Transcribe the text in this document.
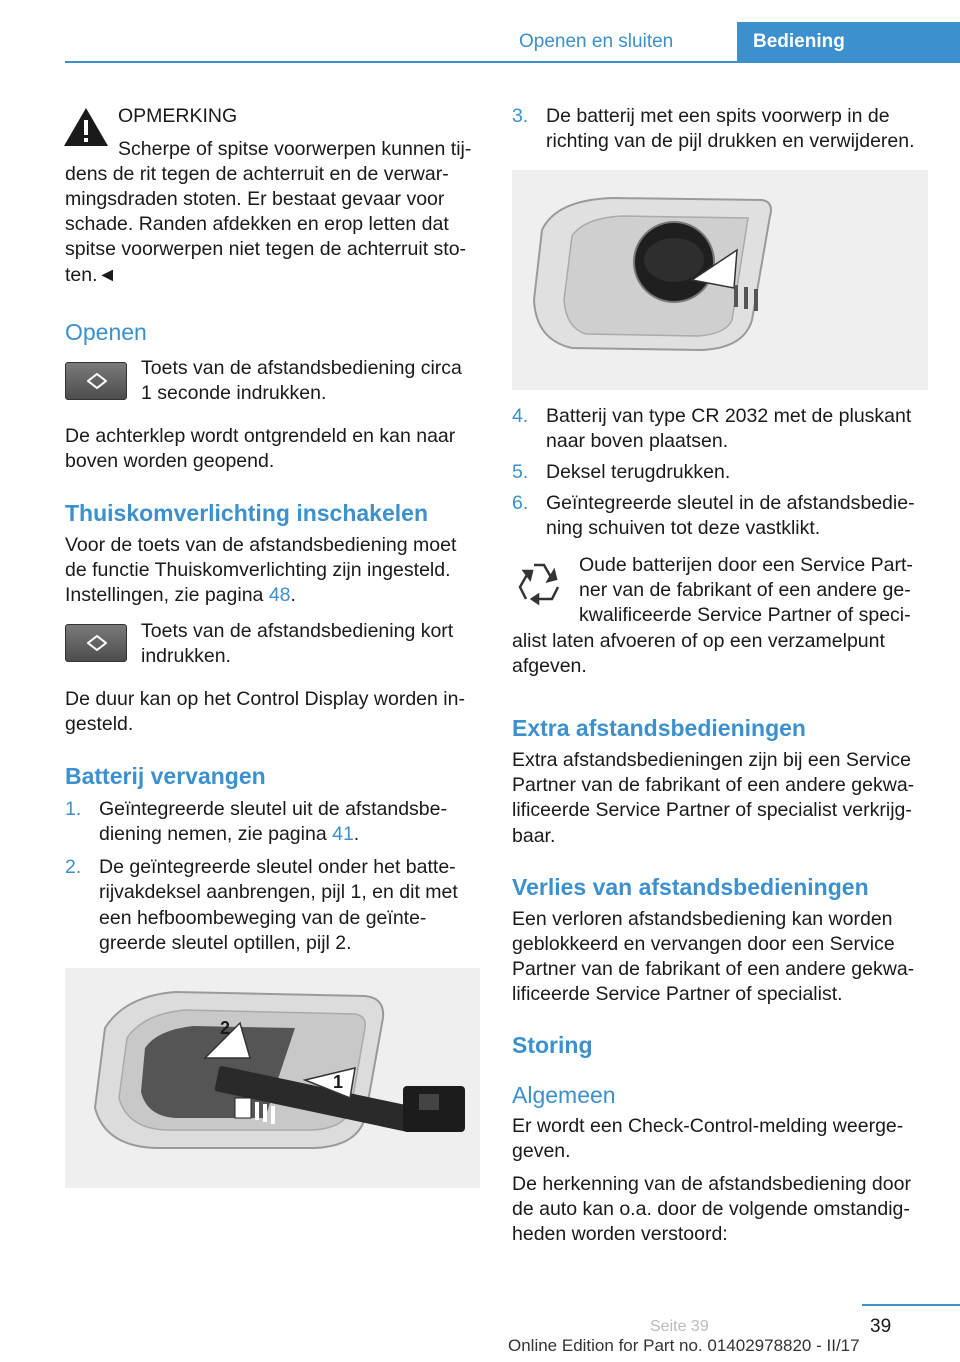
Openen en sluiten	Bediening
OPMERKING
Scherpe of spitse voorwerpen kunnen tij‐
dens de rit tegen de achterruit en de verwar‐
mingsdraden stoten. Er bestaat gevaar voor
schade. Randen afdekken en erop letten dat
spitse voorwerpen niet tegen de achterruit sto‐
ten.◄
Openen
Toets van de afstandsbediening circa
1 seconde indrukken.
De achterklep wordt ontgrendeld en kan naar
boven worden geopend.
Thuiskomverlichting inschakelen
Voor de toets van de afstandsbediening moet
de functie Thuiskomverlichting zijn ingesteld.
Instellingen, zie pagina 48.
Toets van de afstandsbediening kort
indrukken.
De duur kan op het Control Display worden in‐
gesteld.
Batterij vervangen
1. Geïntegreerde sleutel uit de afstandsbe‐
diening nemen, zie pagina 41.
2. De geïntegreerde sleutel onder het batte‐
rijvakdeksel aanbrengen, pijl 1, en dit met
een hefboombeweging van de geïnte‐
greerde sleutel optillen, pijl 2.
2
1
3. De batterij met een spits voorwerp in de
richting van de pijl drukken en verwijderen.
4. Batterij van type CR 2032 met de pluskant
naar boven plaatsen.
5. Deksel terugdrukken.
6. Geïntegreerde sleutel in de afstandsbedie‐
ning schuiven tot deze vastklikt.
Oude batterijen door een Service Part‐
ner van de fabrikant of een andere ge‐
kwalificeerde Service Partner of speci‐
alist laten afvoeren of op een verzamelpunt
afgeven.
Extra afstandsbedieningen
Extra afstandsbedieningen zijn bij een Service
Partner van de fabrikant of een andere gekwa‐
lificeerde Service Partner of specialist verkrijg‐
baar.
Verlies van afstandsbedieningen
Een verloren afstandsbediening kan worden
geblokkeerd en vervangen door een Service
Partner van de fabrikant of een andere gekwa‐
lificeerde Service Partner of specialist.
Storing
Algemeen
Er wordt een Check-Control-melding weerge‐
geven.
De herkenning van de afstandsbediening door
de auto kan o.a. door de volgende omstandig‐
heden worden verstoord:
39
Seite 39
Online Edition for Part no. 01402978820 - II/17
